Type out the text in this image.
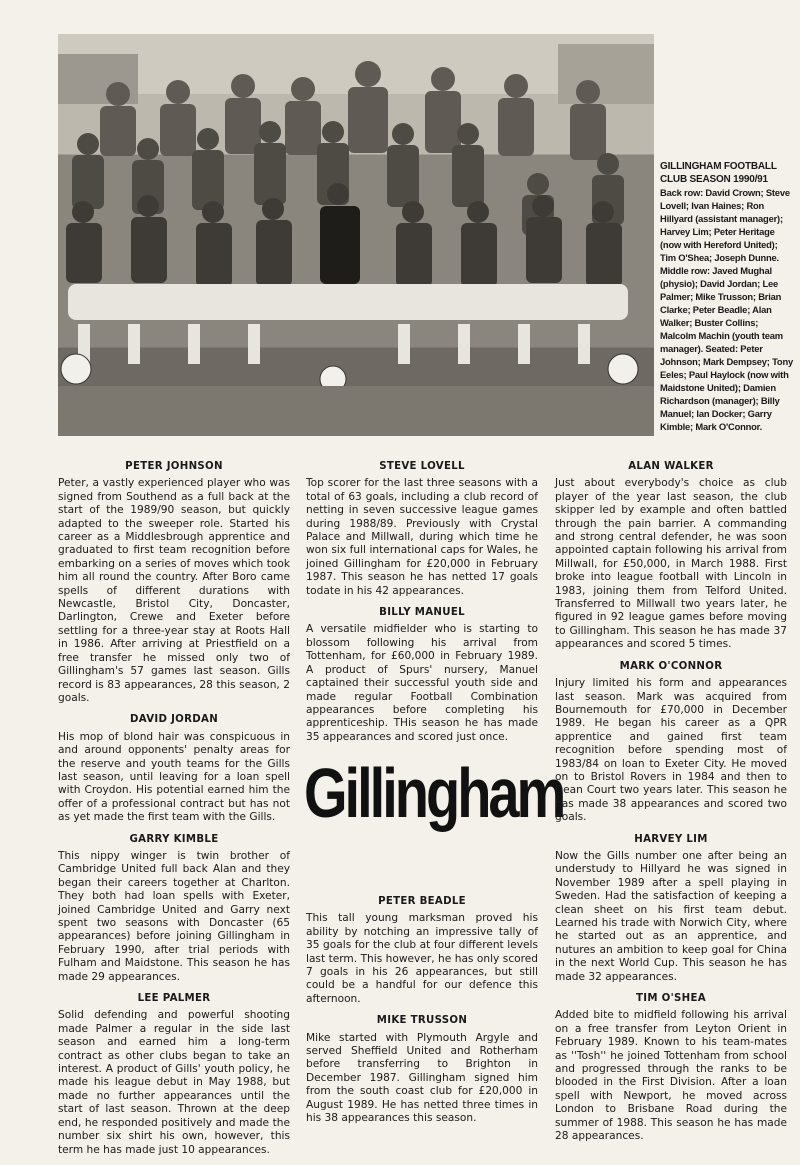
GILLINGHAM FOOTBALL CLUB SEASON 1990/91
Back row: David Crown; Steve Lovell; Ivan Haines; Ron Hillyard (assistant manager); Harvey Lim; Peter Heritage (now with Hereford United); Tim O'Shea; Joseph Dunne. Middle row: Javed Mughal (physio); David Jordan; Lee Palmer; Mike Trusson; Brian Clarke; Peter Beadle; Alan Walker; Buster Collins; Malcolm Machin (youth team manager). Seated: Peter Johnson; Mark Dempsey; Tony Eeles; Paul Haylock (now with Maidstone United); Damien Richardson (manager); Billy Manuel; Ian Docker; Garry Kimble; Mark O'Connor.
PETER JOHNSON
Peter, a vastly experienced player who was signed from Southend as a full back at the start of the 1989/90 season, but quickly adapted to the sweeper role. Started his career as a Middlesbrough apprentice and graduated to first team recognition before embarking on a series of moves which took him all round the country. After Boro came spells of different durations with Newcastle, Bristol City, Doncaster, Darlington, Crewe and Exeter before settling for a three-year stay at Roots Hall in 1986. After arriving at Priestfield on a free transfer he missed only two of Gillingham's 57 games last season. Gills record is 83 appearances, 28 this season, 2 goals.
DAVID JORDAN
His mop of blond hair was conspicuous in and around opponents' penalty areas for the reserve and youth teams for the Gills last season, until leaving for a loan spell with Croydon. His potential earned him the offer of a professional contract but has not as yet made the first team with the Gills.
GARRY KIMBLE
This nippy winger is twin brother of Cambridge United full back Alan and they began their careers together at Charlton. They both had loan spells with Exeter, joined Cambridge United and Garry next spent two seasons with Doncaster (65 appearances) before joining Gillingham in February 1990, after trial periods with Fulham and Maidstone. This season he has made 29 appearances.
LEE PALMER
Solid defending and powerful shooting made Palmer a regular in the side last season and earned him a long-term contract as other clubs began to take an interest. A product of Gills' youth policy, he made his league debut in May 1988, but made no further appearances until the start of last season. Thrown at the deep end, he responded positively and made the number six shirt his own, however, this term he has made just 10 appearances.
STEVE LOVELL
Top scorer for the last three seasons with a total of 63 goals, including a club record of netting in seven successive league games during 1988/89. Previously with Crystal Palace and Millwall, during which time he won six full international caps for Wales, he joined Gillingham for £20,000 in February 1987. This season he has netted 17 goals todate in his 42 appearances.
BILLY MANUEL
A versatile midfielder who is starting to blossom following his arrival from Tottenham, for £60,000 in February 1989. A product of Spurs' nursery, Manuel captained their successful youth side and made regular Football Combination appearances before completing his apprenticeship. THis season he has made 35 appearances and scored just once.
Gillingham
PETER BEADLE
This tall young marksman proved his ability by notching an impressive tally of 35 goals for the club at four different levels last term. This however, he has only scored 7 goals in his 26 appearances, but still could be a handful for our defence this afternoon.
MIKE TRUSSON
Mike started with Plymouth Argyle and served Sheffield United and Rotherham before transferring to Brighton in December 1987. Gillingham signed him from the south coast club for £20,000 in August 1989. He has netted three times in his 38 appearances this season.
ALAN WALKER
Just about everybody's choice as club player of the year last season, the club skipper led by example and often battled through the pain barrier. A commanding and strong central defender, he was soon appointed captain following his arrival from Millwall, for £50,000, in March 1988. First broke into league football with Lincoln in 1983, joining them from Telford United. Transferred to Millwall two years later, he figured in 92 league games before moving to Gillingham. This season he has made 37 appearances and scored 5 times.
MARK O'CONNOR
Injury limited his form and appearances last season. Mark was acquired from Bournemouth for £70,000 in December 1989. He began his career as a QPR apprentice and gained first team recognition before spending most of 1983/84 on loan to Exeter City. He moved on to Bristol Rovers in 1984 and then to Dean Court two years later. This season he has made 38 appearances and scored two goals.
HARVEY LIM
Now the Gills number one after being an understudy to Hillyard he was signed in November 1989 after a spell playing in Sweden. Had the satisfaction of keeping a clean sheet on his first team debut. Learned his trade with Norwich City, where he started out as an apprentice, and nutures an ambition to keep goal for China in the next World Cup. This season he has made 32 appearances.
TIM O'SHEA
Added bite to midfield following his arrival on a free transfer from Leyton Orient in February 1989. Known to his team-mates as ''Tosh'' he joined Tottenham from school and progressed through the ranks to be blooded in the First Division. After a loan spell with Newport, he moved across London to Brisbane Road during the summer of 1988. This season he has made 28 appearances.
